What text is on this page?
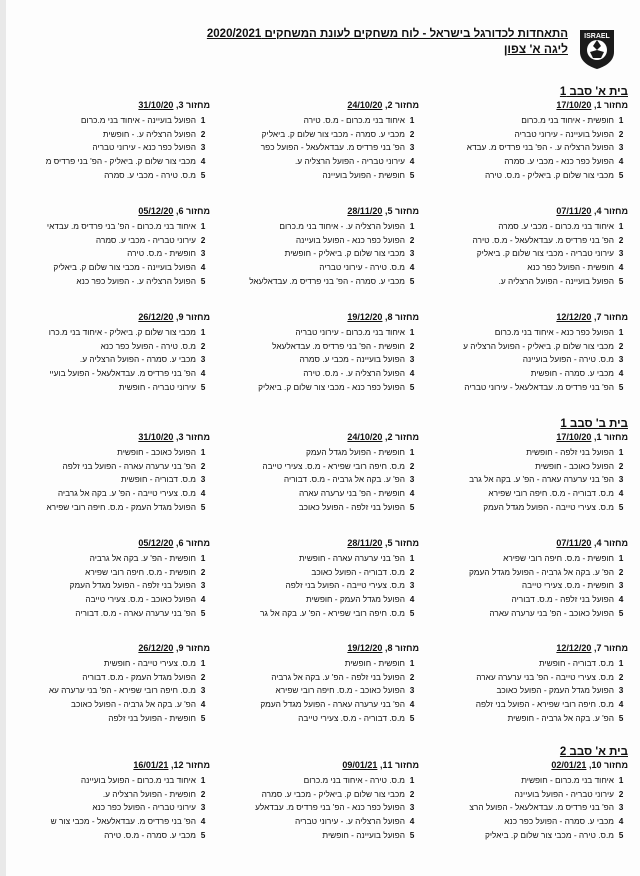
ISRAEL
התאחדות לכדורגל בישראל - לוח משחקים לעונת המשחקים 2020/2021
ליגה א' צפון
בית א' סבב 1
בית ב' סבב 1
בית א' סבב 2
מחזור 1, 17/10/20
1
חופשית - איחוד בני מ.כרום
2
הפועל בועיינה - עירוני טבריה
3
הפועל הרצליה ע. - הפ' בני פרדיס מ. עבדא
4
הפועל כפר כנא - מכבי ע. סמרה
5
מכבי צור שלום ק. ביאליק - מ.ס. טירה
מחזור 2, 24/10/20
1
איחוד בני מ.כרום - מ.ס. טירה
2
מכבי ע. סמרה - מכבי צור שלום ק. ביאליק
3
הפ' בני פרדיס מ. עבדאלעאל - הפועל כפר
4
עירוני טבריה - הפועל הרצליה ע.
5
חופשית - הפועל בועיינה
מחזור 3, 31/10/20
1
הפועל בועיינה - איחוד בני מ.כרום
2
הפועל הרצליה ע. - חופשית
3
הפועל כפר כנא - עירוני טבריה
4
מכבי צור שלום ק. ביאליק - הפ' בני פרדיס מ
5
מ.ס. טירה - מכבי ע. סמרה
מחזור 4, 07/11/20
1
איחוד בני מ.כרום - מכבי ע. סמרה
2
הפ' בני פרדיס מ. עבדאלעאל - מ.ס. טירה
3
עירוני טבריה - מכבי צור שלום ק. ביאליק
4
חופשית - הפועל כפר כנא
5
הפועל בועיינה - הפועל הרצליה ע.
מחזור 5, 28/11/20
1
הפועל הרצליה ע. - איחוד בני מ.כרום
2
הפועל כפר כנא - הפועל בועיינה
3
מכבי צור שלום ק. ביאליק - חופשית
4
מ.ס. טירה - עירוני טבריה
5
מכבי ע. סמרה - הפ' בני פרדיס מ. עבדאלעאל
מחזור 6, 05/12/20
1
איחוד בני מ.כרום - הפ' בני פרדיס מ. עבדאי
2
עירוני טבריה - מכבי ע. סמרה
3
חופשית - מ.ס. טירה
4
הפועל בועיינה - מכבי צור שלום ק. ביאליק
5
הפועל הרצליה ע. - הפועל כפר כנא
מחזור 7, 12/12/20
1
הפועל כפר כנא - איחוד בני מ.כרום
2
מכבי צור שלום ק. ביאליק - הפועל הרצליה ע
3
מ.ס. טירה - הפועל בועיינה
4
מכבי ע. סמרה - חופשית
5
הפ' בני פרדיס מ. עבדאלעאל - עירוני טבריה
מחזור 8, 19/12/20
1
איחוד בני מ.כרום - עירוני טבריה
2
חופשית - הפ' בני פרדיס מ. עבדאלעאל
3
הפועל בועיינה - מכבי ע. סמרה
4
הפועל הרצליה ע. - מ.ס. טירה
5
הפועל כפר כנא - מכבי צור שלום ק. ביאליק
מחזור 9, 26/12/20
1
מכבי צור שלום ק. ביאליק - איחוד בני מ.כרו
2
מ.ס. טירה - הפועל כפר כנא
3
מכבי ע. סמרה - הפועל הרצליה ע.
4
הפ' בני פרדיס מ. עבדאלעאל - הפועל בועיי
5
עירוני טבריה - חופשית
מחזור 1, 17/10/20
1
הפועל בני זלפה - חופשית
2
הפועל כאוכב - חופשית
3
הפ' בני ערערה עארה - הפ' ע. בקה אל גרב
4
מ.ס. דבוריה - מ.ס. חיפה רובי שפירא
5
מ.ס. צעירי טייבה - הפועל מגדל העמק
מחזור 2, 24/10/20
1
חופשית - הפועל מגדל העמק
2
מ.ס. חיפה רובי שפירא - מ.ס. צעירי טייבה
3
הפ' ע. בקה אל גרביה - מ.ס. דבוריה
4
חופשית - הפ' בני ערערה עארה
5
הפועל בני זלפה - הפועל כאוכב
מחזור 3, 31/10/20
1
הפועל כאוכב - חופשית
2
הפ' בני ערערה עארה - הפועל בני זלפה
3
מ.ס. דבוריה - חופשית
4
מ.ס. צעירי טייבה - הפ' ע. בקה אל גרביה
5
הפועל מגדל העמק - מ.ס. חיפה רובי שפירא
מחזור 4, 07/11/20
1
חופשית - מ.ס. חיפה רובי שפירא
2
הפ' ע. בקה אל גרביה - הפועל מגדל העמק
3
חופשית - מ.ס. צעירי טייבה
4
הפועל בני זלפה - מ.ס. דבוריה
5
הפועל כאוכב - הפ' בני ערערה עארה
מחזור 5, 28/11/20
1
הפ' בני ערערה עארה - חופשית
2
מ.ס. דבוריה - הפועל כאוכב
3
מ.ס. צעירי טייבה - הפועל בני זלפה
4
הפועל מגדל העמק - חופשית
5
מ.ס. חיפה רובי שפירא - הפ' ע. בקה אל גר
מחזור 6, 05/12/20
1
חופשית - הפ' ע. בקה אל גרביה
2
חופשית - מ.ס. חיפה רובי שפירא
3
הפועל בני זלפה - הפועל מגדל העמק
4
הפועל כאוכב - מ.ס. צעירי טייבה
5
הפ' בני ערערה עארה - מ.ס. דבוריה
מחזור 7, 12/12/20
1
מ.ס. דבוריה - חופשית
2
מ.ס. צעירי טייבה - הפ' בני ערערה עארה
3
הפועל מגדל העמק - הפועל כאוכב
4
מ.ס. חיפה רובי שפירא - הפועל בני זלפה
5
הפ' ע. בקה אל גרביה - חופשית
מחזור 8, 19/12/20
1
חופשית - חופשית
2
הפועל בני זלפה - הפ' ע. בקה אל גרביה
3
הפועל כאוכב - מ.ס. חיפה רובי שפירא
4
הפ' בני ערערה עארה - הפועל מגדל העמק
5
מ.ס. דבוריה - מ.ס. צעירי טייבה
מחזור 9, 26/12/20
1
מ.ס. צעירי טייבה - חופשית
2
הפועל מגדל העמק - מ.ס. דבוריה
3
מ.ס. חיפה רובי שפירא - הפ' בני ערערה עא
4
הפ' ע. בקה אל גרביה - הפועל כאוכב
5
חופשית - הפועל בני זלפה
מחזור 10, 02/01/21
1
איחוד בני מ.כרום - חופשית
2
עירוני טבריה - הפועל בועיינה
3
הפ' בני פרדיס מ. עבדאלעאל - הפועל הרצ
4
מכבי ע. סמרה - הפועל כפר כנא
5
מ.ס. טירה - מכבי צור שלום ק. ביאליק
מחזור 11, 09/01/21
1
מ.ס. טירה - איחוד בני מ.כרום
2
מכבי צור שלום ק. ביאליק - מכבי ע. סמרה
3
הפועל כפר כנא - הפ' בני פרדיס מ. עבדאלע
4
הפועל הרצליה ע. - עירוני טבריה
5
הפועל בועיינה - חופשית
מחזור 12, 16/01/21
1
איחוד בני מ.כרום - הפועל בועיינה
2
חופשית - הפועל הרצליה ע.
3
עירוני טבריה - הפועל כפר כנא
4
הפ' בני פרדיס מ. עבדאלעאל - מכבי צור ש
5
מכבי ע. סמרה - מ.ס. טירה
